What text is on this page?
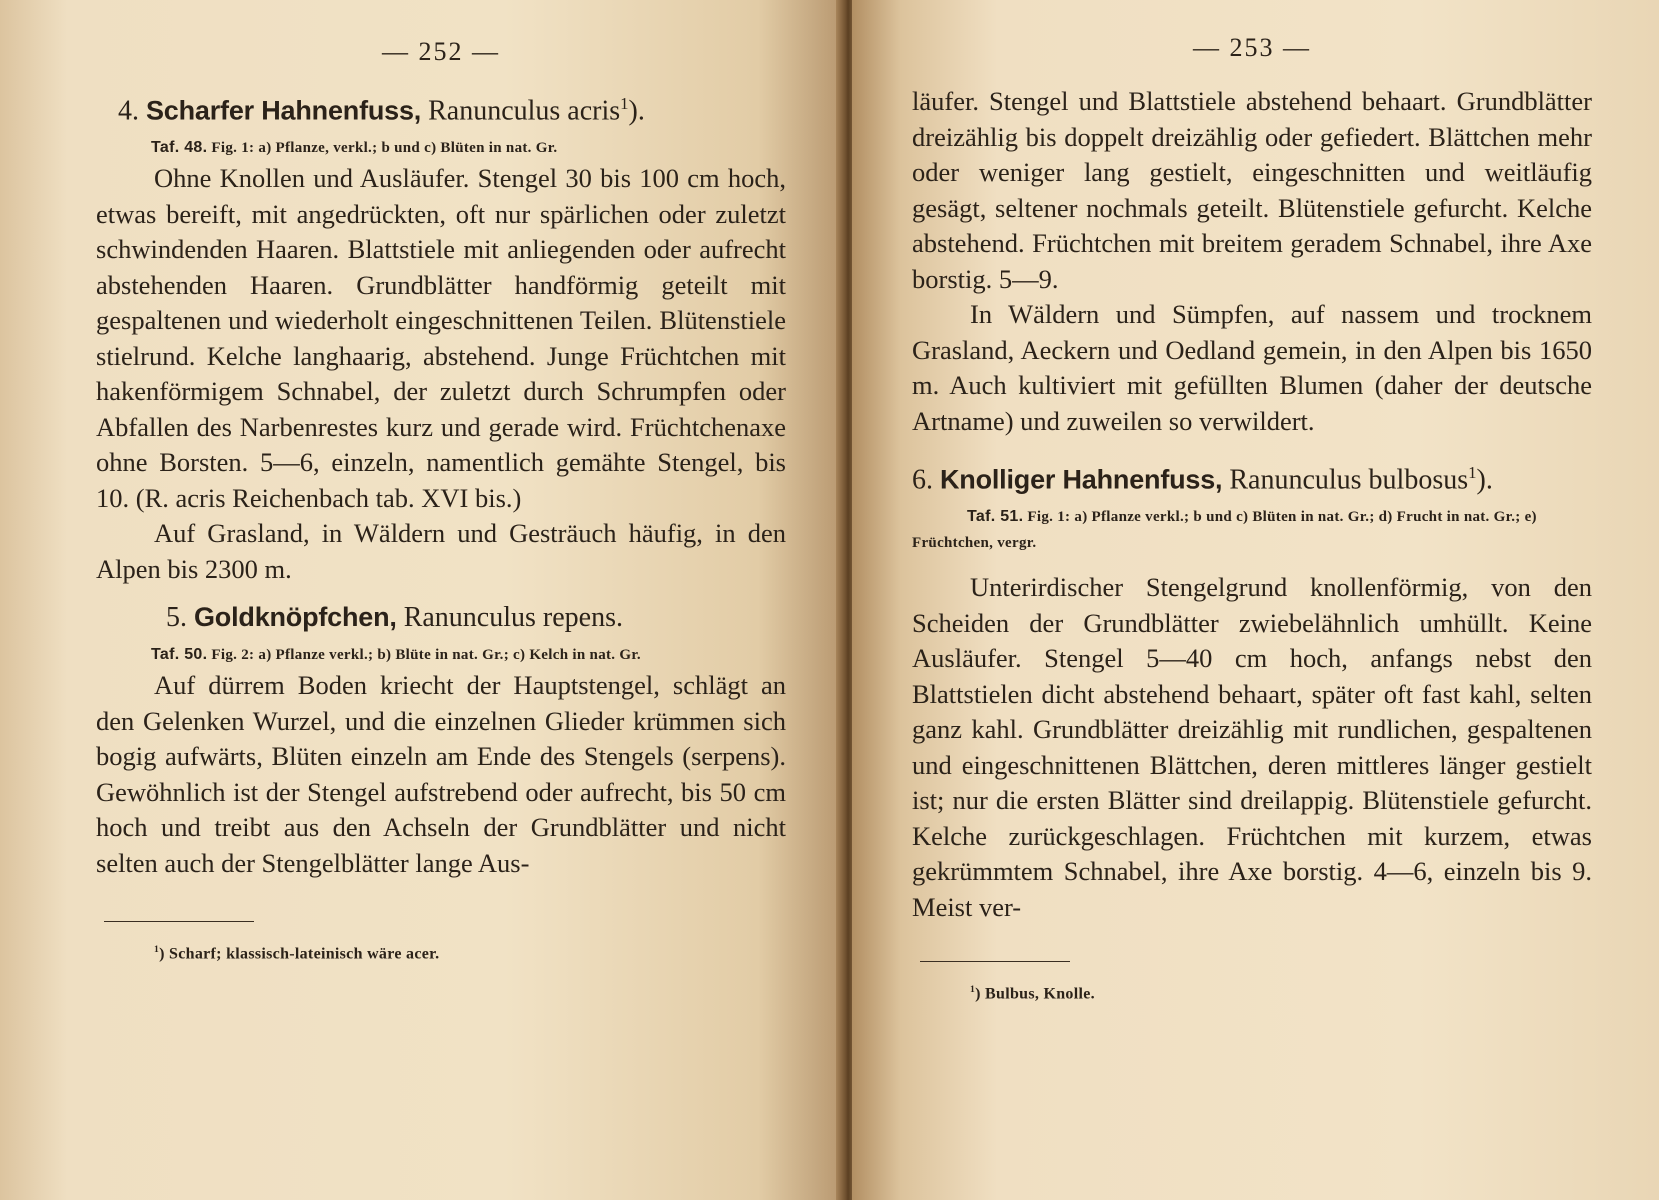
— 252 —
4. Scharfer Hahnenfuss, Ranunculus acris$^1$).
Taf. 48. Fig. 1: a) Pflanze, verkl.; b und c) Blüten in nat. Gr.

Ohne Knollen und Ausläufer. Stengel 30 bis 100 cm hoch, etwas bereift, mit angedrückten, oft nur spärlichen oder zuletzt schwindenden Haaren. Blattstiele mit anliegenden oder aufrecht abstehenden Haaren. Grundblätter handförmig geteilt mit gespaltenen und wiederholt eingeschnittenen Teilen. Blütenstiele stielrund. Kelche langhaarig, abstehend. Junge Früchtchen mit hakenförmigem Schnabel, der zuletzt durch Schrumpfen oder Abfallen des Narbenrestes kurz und gerade wird. Früchtchenaxe ohne Borsten. 5—6, einzeln, namentlich gemähte Stengel, bis 10. (R. acris Reichenbach tab. XVI bis.)

Auf Grasland, in Wäldern und Gesträuch häufig, in den Alpen bis 2300 m.

5. Goldknöpfchen, Ranunculus repens.
Taf. 50. Fig. 2: a) Pflanze verkl.; b) Blüte in nat. Gr.; c) Kelch in nat. Gr.

Auf dürrem Boden kriecht der Hauptstengel, schlägt an den Gelenken Wurzel, und die einzelnen Glieder krümmen sich bogig aufwärts, Blüten einzeln am Ende des Stengels (serpens). Gewöhnlich ist der Stengel aufstrebend oder aufrecht, bis 50 cm hoch und treibt aus den Achseln der Grundblätter und nicht selten auch der Stengelblätter lange Aus-

$^1$) Scharf; klassisch-lateinisch wäre acer.
— 253 —

läufer. Stengel und Blattstiele abstehend behaart. Grundblätter dreizählig bis doppelt dreizählig oder gefiedert. Blättchen mehr oder weniger lang gestielt, eingeschnitten und weitläufig gesägt, seltener nochmals geteilt. Blütenstiele gefurcht. Kelche abstehend. Früchtchen mit breitem geradem Schnabel, ihre Axe borstig. 5—9.

In Wäldern und Sümpfen, auf nassem und trocknem Grasland, Aeckern und Oedland gemein, in den Alpen bis 1650 m. Auch kultiviert mit gefüllten Blumen (daher der deutsche Artname) und zuweilen so verwildert.

6. Knolliger Hahnenfuss, Ranunculus bulbosus$^1$).
Taf. 51. Fig. 1: a) Pflanze verkl.; b und c) Blüten in nat. Gr.; d) Frucht in nat. Gr.; e) Früchtchen, vergr.

Unterirdischer Stengelgrund knollenförmig, von den Scheiden der Grundblätter zwiebelähnlich umhüllt. Keine Ausläufer. Stengel 5—40 cm hoch, anfangs nebst den Blattstielen dicht abstehend behaart, später oft fast kahl, selten ganz kahl. Grundblätter dreizählig mit rundlichen, gespaltenen und eingeschnittenen Blättchen, deren mittleres länger gestielt ist; nur die ersten Blätter sind dreilappig. Blütenstiele gefurcht. Kelche zurückgeschlagen. Früchtchen mit kurzem, etwas gekrümmtem Schnabel, ihre Axe borstig. 4—6, einzeln bis 9. Meist ver-

$^1$) Bulbus, Knolle.
